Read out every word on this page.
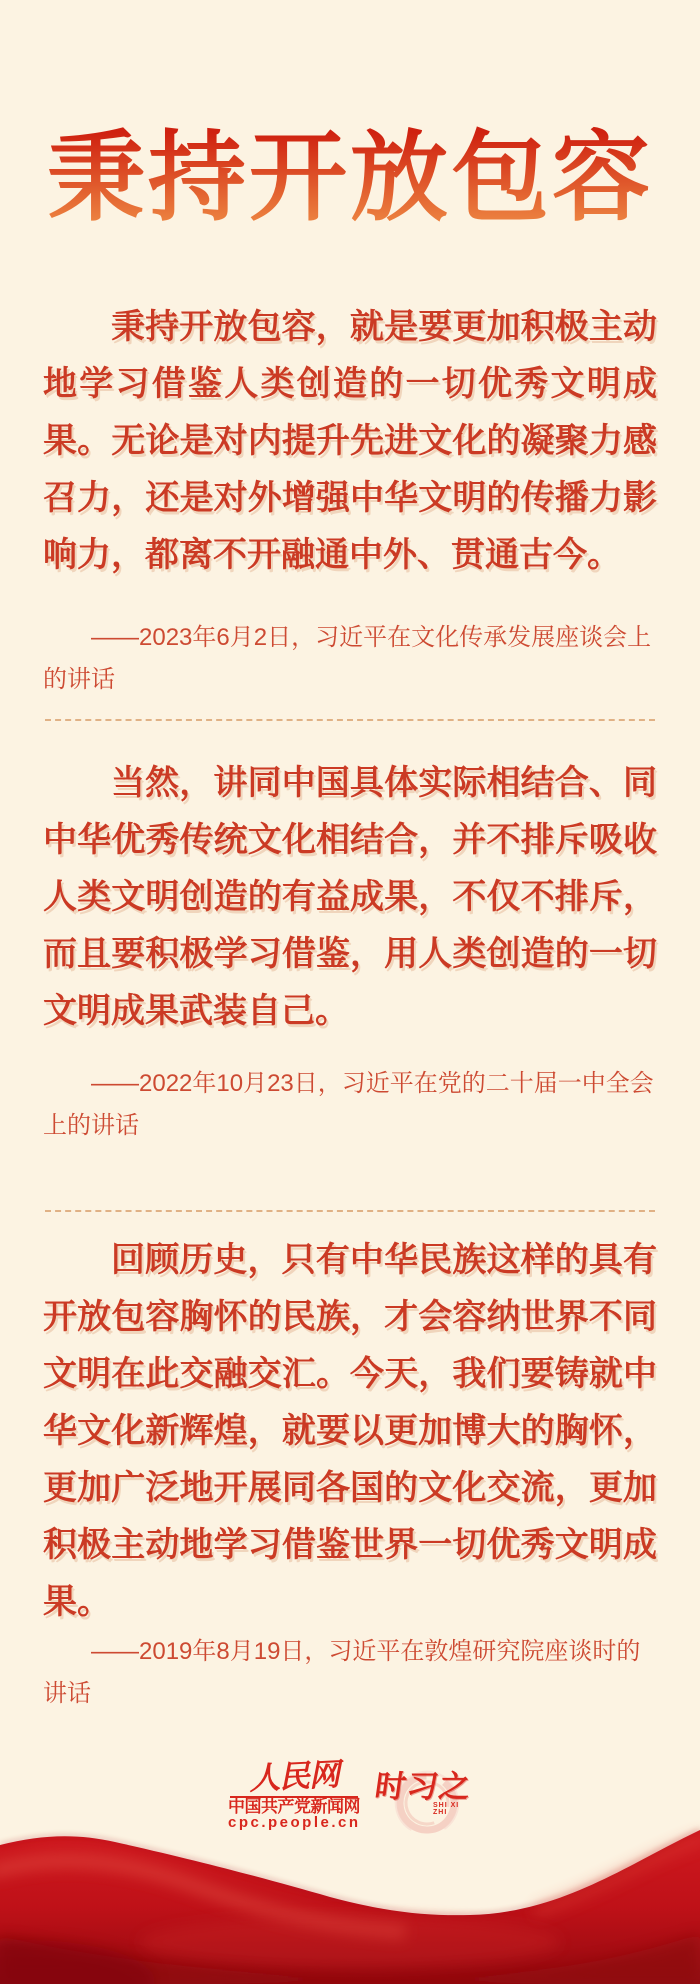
秉持开放包容

秉持开放包容，就是要更加积极主动地学习借鉴人类创造的一切优秀文明成果。无论是对内提升先进文化的凝聚力感召力，还是对外增强中华文明的传播力影响力，都离不开融通中外、贯通古今。

——2023年6月2日，习近平在文化传承发展座谈会上的讲话

当然，讲同中国具体实际相结合、同中华优秀传统文化相结合，并不排斥吸收人类文明创造的有益成果，不仅不排斥，而且要积极学习借鉴，用人类创造的一切文明成果武装自己。

——2022年10月23日，习近平在党的二十届一中全会上的讲话

回顾历史，只有中华民族这样的具有开放包容胸怀的民族，才会容纳世界不同文明在此交融交汇。今天，我们要铸就中华文化新辉煌，就要以更加博大的胸怀，更加广泛地开展同各国的文化交流，更加积极主动地学习借鉴世界一切优秀文明成果。

——2019年8月19日，习近平在敦煌研究院座谈时的讲话

人民网
中国共产党新闻网
cpc.people.cn
时习之
SHI XI ZHI
